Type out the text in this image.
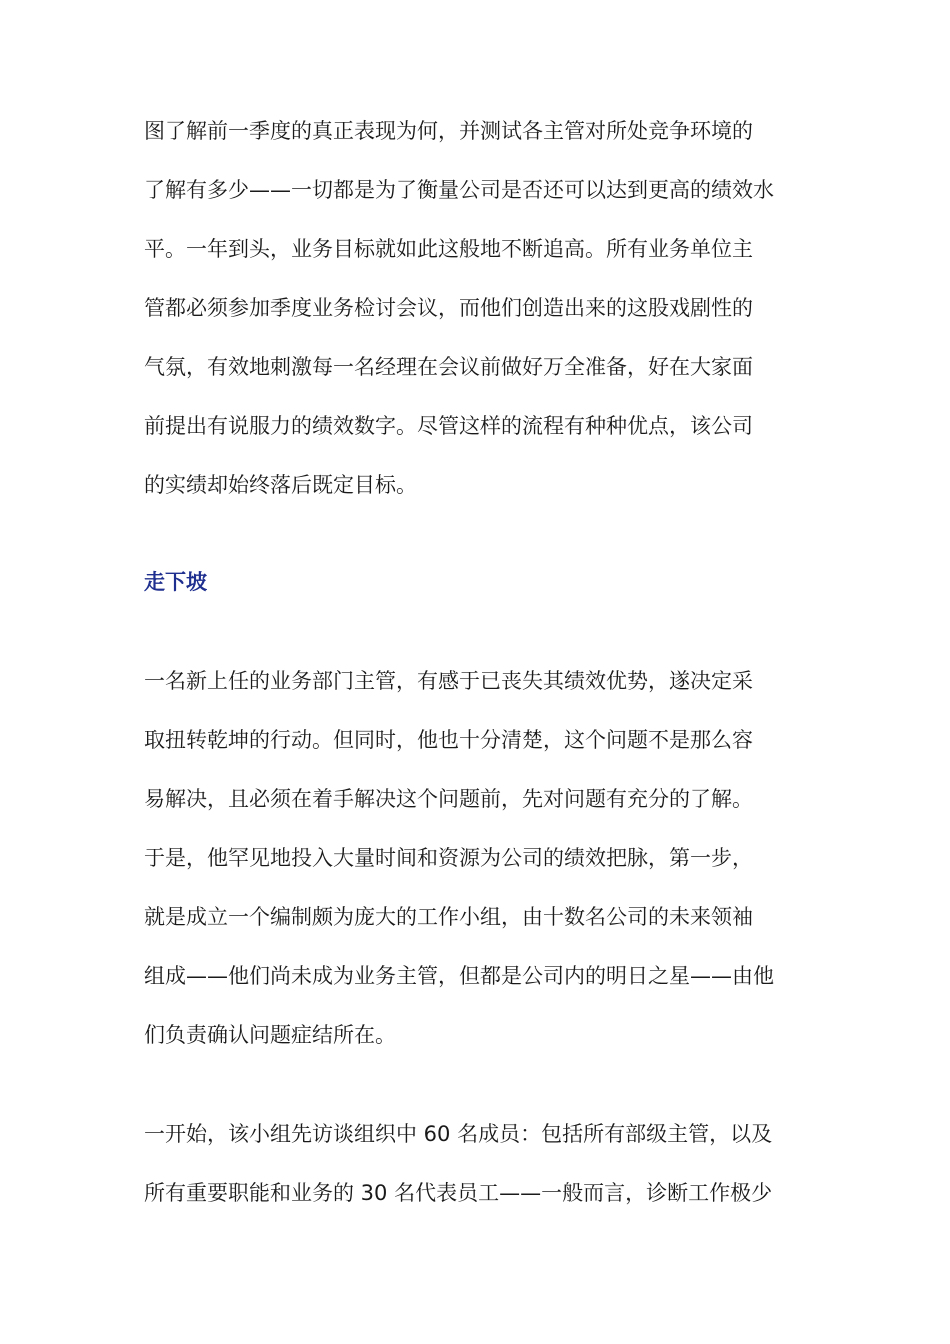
图了解前一季度的真正表现为何，并测试各主管对所处竞争环境的
了解有多少——一切都是为了衡量公司是否还可以达到更高的绩效水
平。一年到头，业务目标就如此这般地不断追高。所有业务单位主
管都必须参加季度业务检讨会议，而他们创造出来的这股戏剧性的
气氛，有效地刺激每一名经理在会议前做好万全准备，好在大家面
前提出有说服力的绩效数字。尽管这样的流程有种种优点，该公司
的实绩却始终落后既定目标。
走下坡
一名新上任的业务部门主管，有感于已丧失其绩效优势，遂决定采
取扭转乾坤的行动。但同时，他也十分清楚，这个问题不是那么容
易解决，且必须在着手解决这个问题前，先对问题有充分的了解。
于是，他罕见地投入大量时间和资源为公司的绩效把脉，第一步，
就是成立一个编制颇为庞大的工作小组，由十数名公司的未来领袖
组成——他们尚未成为业务主管，但都是公司内的明日之星——由他
们负责确认问题症结所在。
一开始，该小组先访谈组织中 60 名成员：包括所有部级主管，以及
所有重要职能和业务的 30 名代表员工——一般而言，诊断工作极少
